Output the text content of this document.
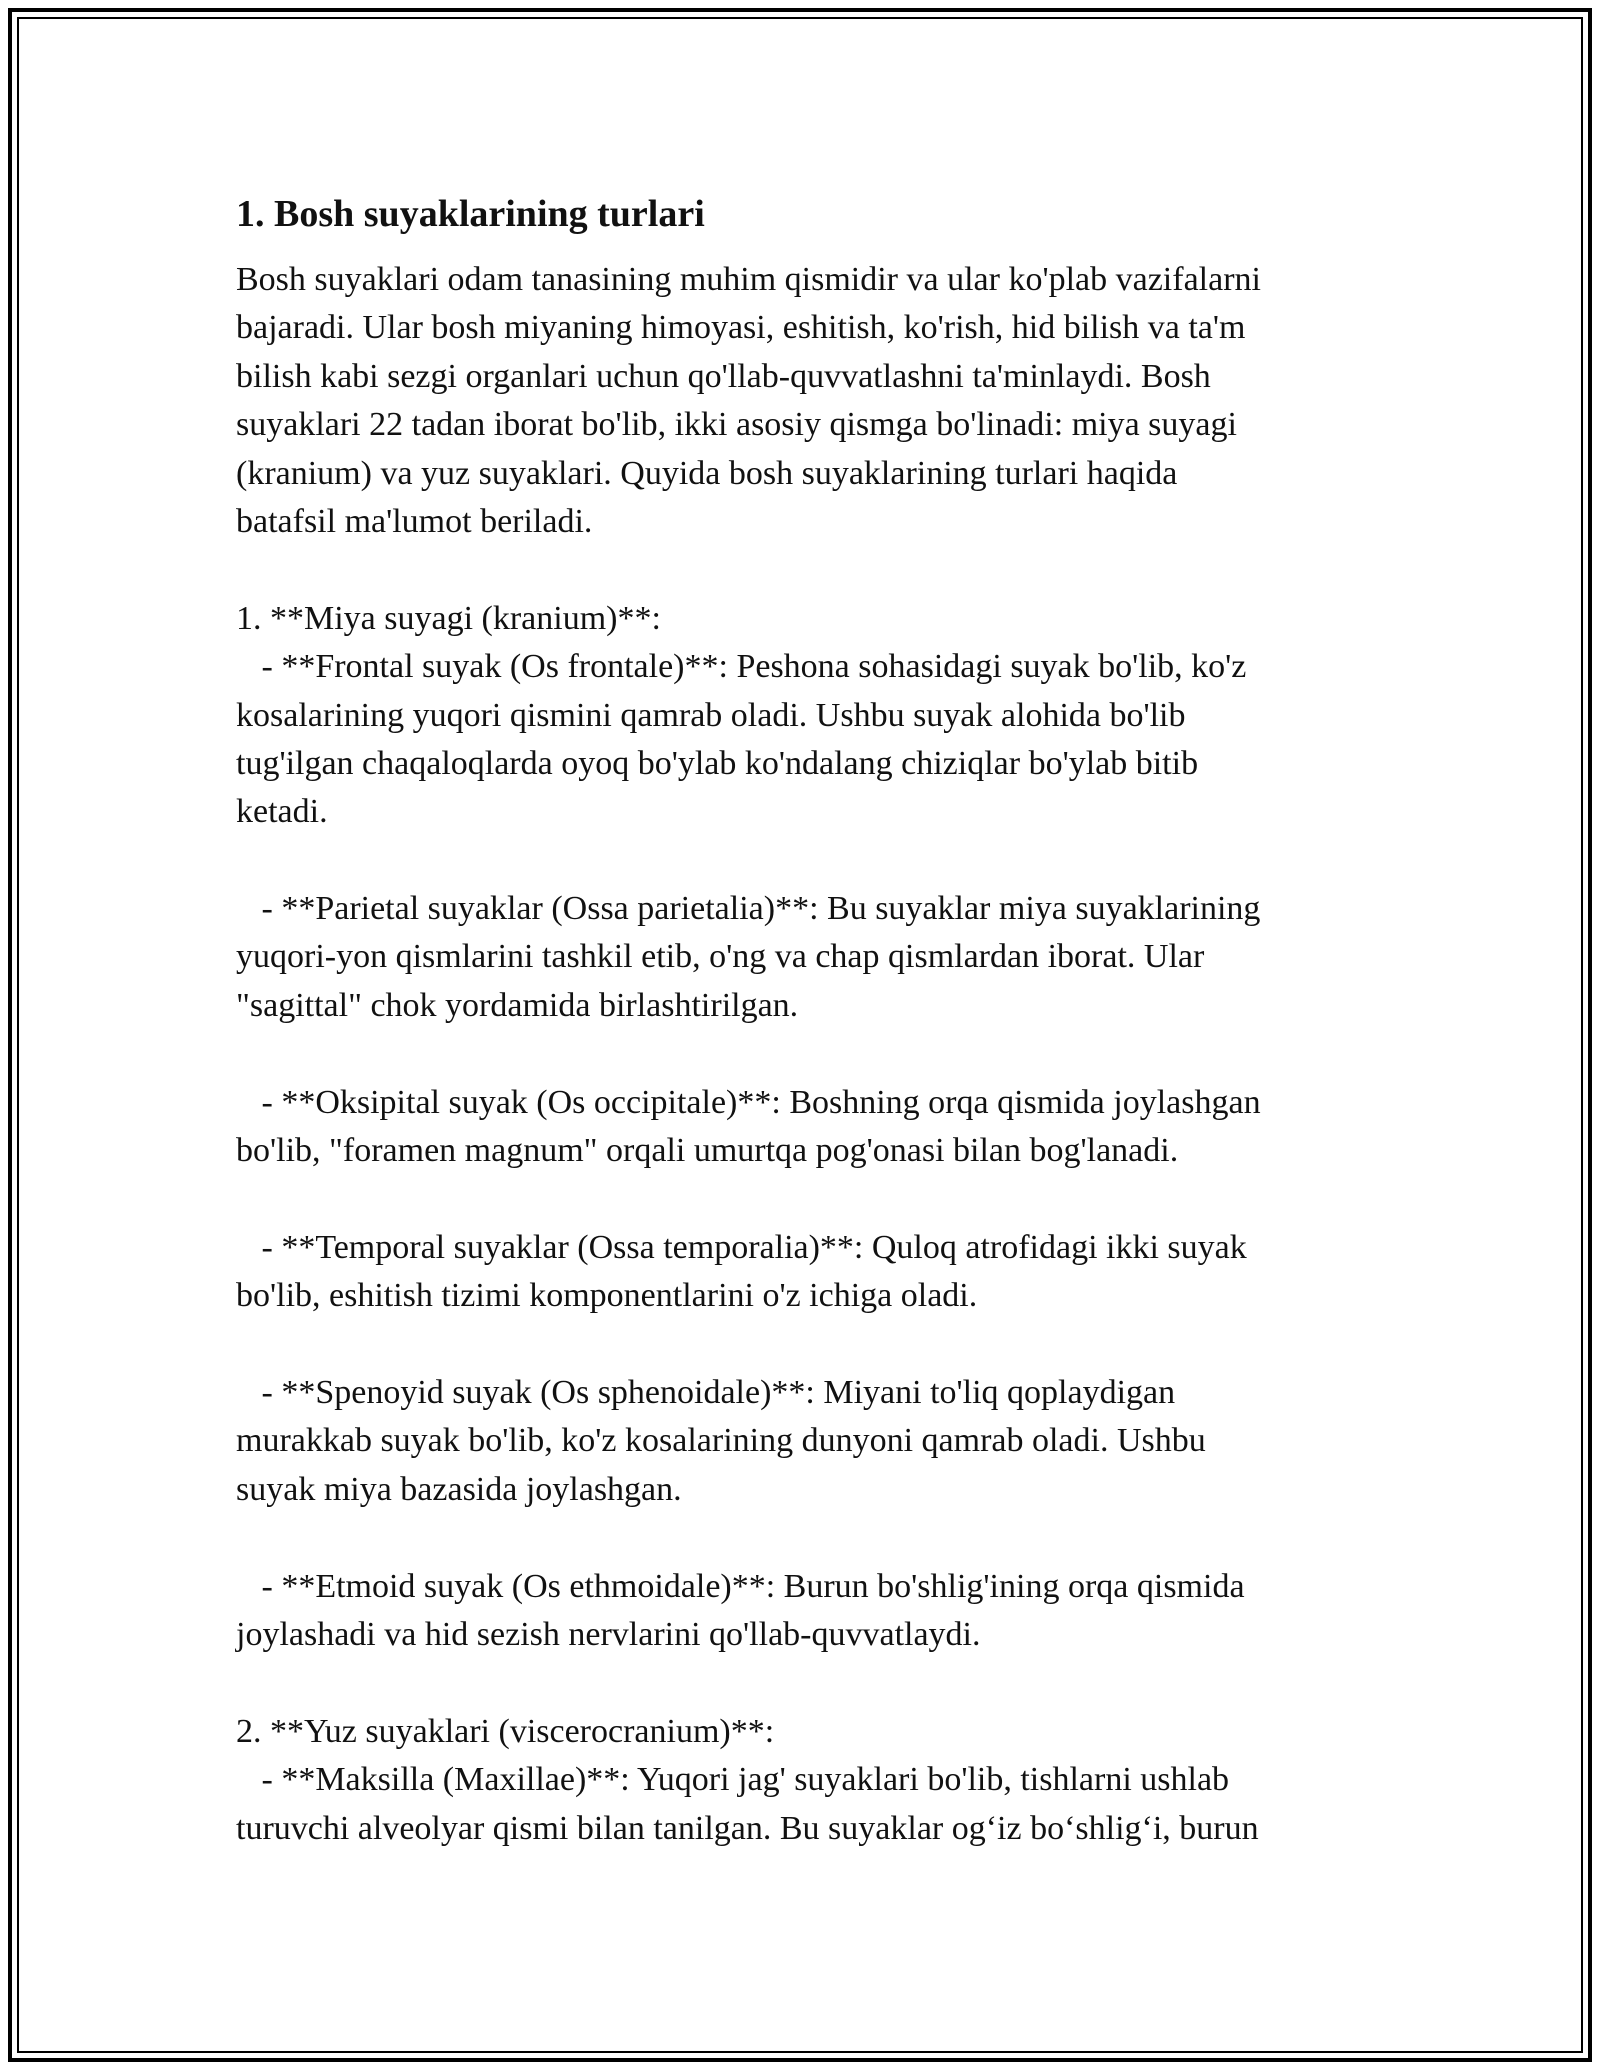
1. Bosh suyaklarining turlari
Bosh suyaklari odam tanasining muhim qismidir va ular ko'plab vazifalarni
bajaradi. Ular bosh miyaning himoyasi, eshitish, ko'rish, hid bilish va ta'm
bilish kabi sezgi organlari uchun qo'llab-quvvatlashni ta'minlaydi. Bosh
suyaklari 22 tadan iborat bo'lib, ikki asosiy qismga bo'linadi: miya suyagi
(kranium) va yuz suyaklari. Quyida bosh suyaklarining turlari haqida
batafsil ma'lumot beriladi.
1. **Miya suyagi (kranium)**:
- **Frontal suyak (Os frontale)**: Peshona sohasidagi suyak bo'lib, ko'z
kosalarining yuqori qismini qamrab oladi. Ushbu suyak alohida bo'lib
tug'ilgan chaqaloqlarda oyoq bo'ylab ko'ndalang chiziqlar bo'ylab bitib
ketadi.
- **Parietal suyaklar (Ossa parietalia)**: Bu suyaklar miya suyaklarining
yuqori-yon qismlarini tashkil etib, o'ng va chap qismlardan iborat. Ular
"sagittal" chok yordamida birlashtirilgan.
- **Oksipital suyak (Os occipitale)**: Boshning orqa qismida joylashgan
bo'lib, "foramen magnum" orqali umurtqa pog'onasi bilan bog'lanadi.
- **Temporal suyaklar (Ossa temporalia)**: Quloq atrofidagi ikki suyak
bo'lib, eshitish tizimi komponentlarini o'z ichiga oladi.
- **Spenoyid suyak (Os sphenoidale)**: Miyani to'liq qoplaydigan
murakkab suyak bo'lib, ko'z kosalarining dunyoni qamrab oladi. Ushbu
suyak miya bazasida joylashgan.
- **Etmoid suyak (Os ethmoidale)**: Burun bo'shlig'ining orqa qismida
joylashadi va hid sezish nervlarini qo'llab-quvvatlaydi.
2. **Yuz suyaklari (viscerocranium)**:
- **Maksilla (Maxillae)**: Yuqori jag' suyaklari bo'lib, tishlarni ushlab
turuvchi alveolyar qismi bilan tanilgan. Bu suyaklar og‘iz bo‘shlig‘i, burun
